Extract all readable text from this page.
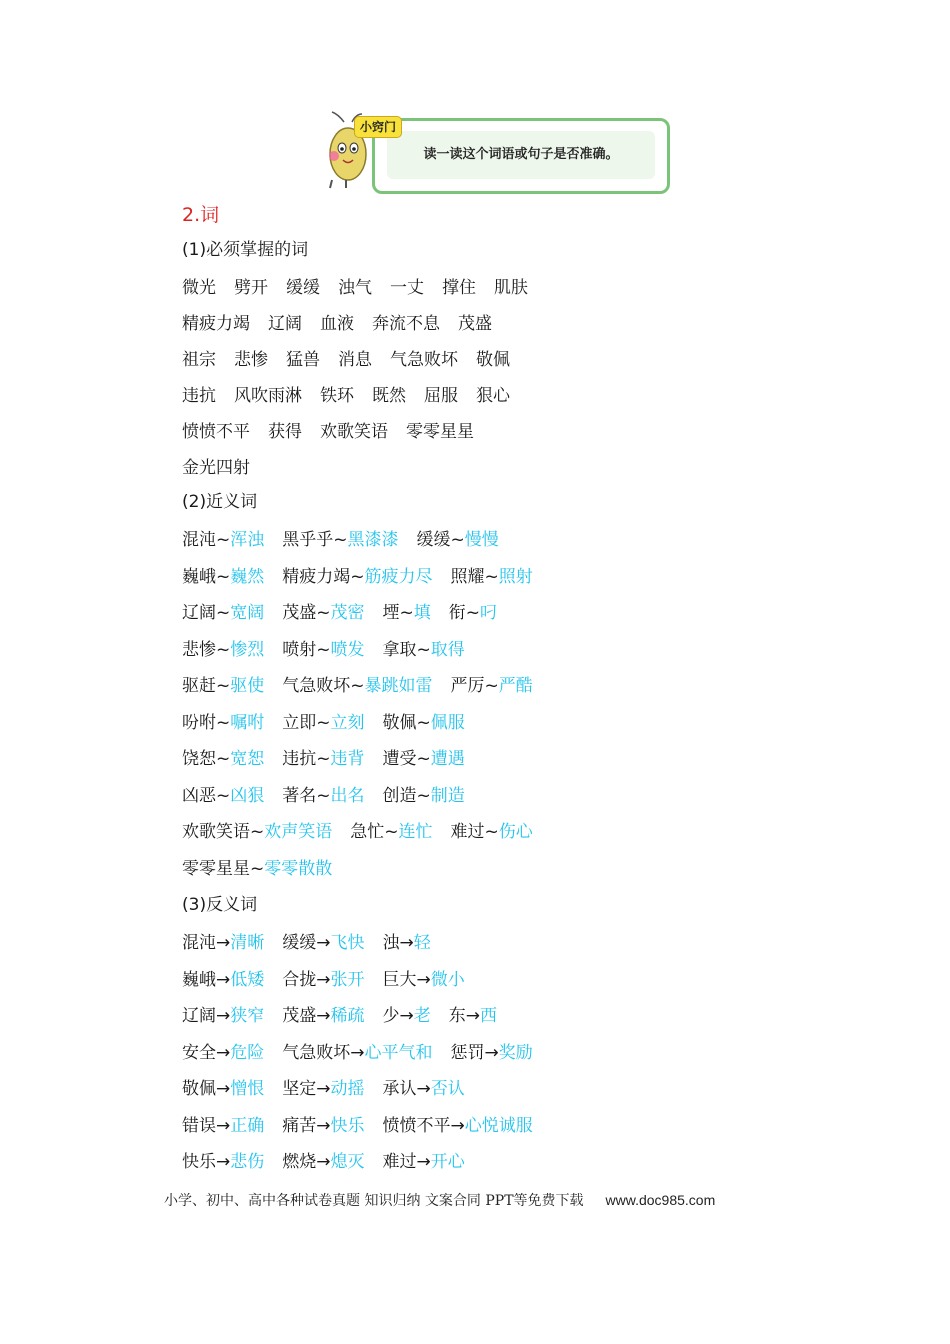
读一读这个词语或句子是否准确。
小窍门
2.词
(1)必须掌握的词
微光 劈开 缓缓 浊气 一丈 撑住 肌肤
精疲力竭 辽阔 血液 奔流不息 茂盛
祖宗 悲惨 猛兽 消息 气急败坏 敬佩
违抗 风吹雨淋 铁环 既然 屈服 狠心
愤愤不平 获得 欢歌笑语 零零星星
金光四射
(2)近义词
混沌~浑浊 黑乎乎~黑漆漆 缓缓~慢慢
巍峨~巍然 精疲力竭~筋疲力尽 照耀~照射
辽阔~宽阔 茂盛~茂密 堙~填 衔~叼
悲惨~惨烈 喷射~喷发 拿取~取得
驱赶~驱使 气急败坏~暴跳如雷 严厉~严酷
吩咐~嘱咐 立即~立刻 敬佩~佩服
饶恕~宽恕 违抗~违背 遭受~遭遇
凶恶~凶狠 著名~出名 创造~制造
欢歌笑语~欢声笑语 急忙~连忙 难过~伤心
零零星星~零零散散
(3)反义词
混沌→清晰 缓缓→飞快 浊→轻
巍峨→低矮 合拢→张开 巨大→微小
辽阔→狭窄 茂盛→稀疏 少→老 东→西
安全→危险 气急败坏→心平气和 惩罚→奖励
敬佩→憎恨 坚定→动摇 承认→否认
错误→正确 痛苦→快乐 愤愤不平→心悦诚服
快乐→悲伤 燃烧→熄灭 难过→开心
小学、初中、高中各种试卷真题 知识归纳 文案合同 PPT等免费下载 www.doc985.com
